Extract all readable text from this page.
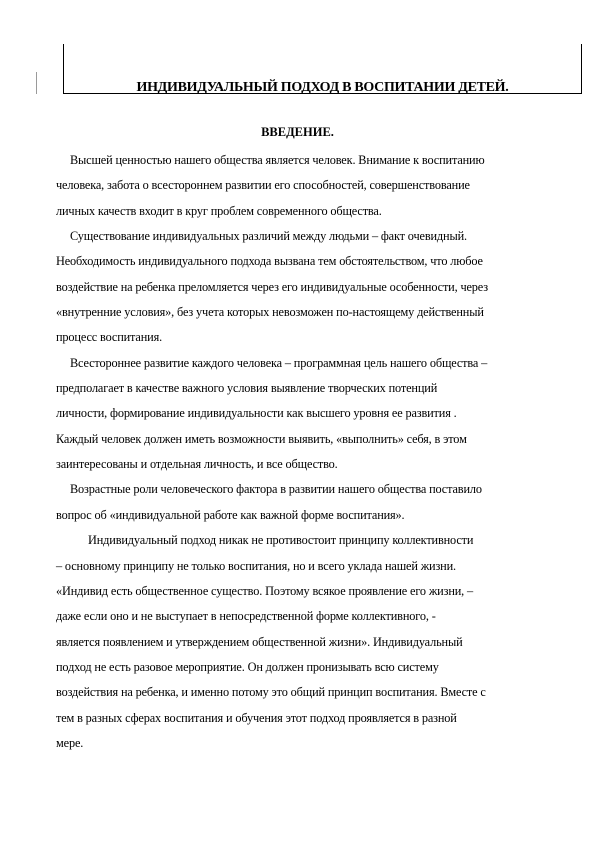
ИНДИВИДУАЛЬНЫЙ ПОДХОД В ВОСПИТАНИИ ДЕТЕЙ.
ВВЕДЕНИЕ.
Высшей ценностью нашего общества является человек. Внимание к воспитанию
человека, забота о всестороннем развитии его способностей, совершенствование
личных качеств входит в круг проблем современного общества.
Существование индивидуальных различий между людьми – факт очевидный.
Необходимость индивидуального подхода вызвана тем обстоятельством, что любое
воздействие на ребенка преломляется через его индивидуальные особенности, через
«внутренние условия», без учета которых невозможен по-настоящему действенный
процесс воспитания.
Всестороннее развитие каждого человека – программная цель нашего общества –
предполагает в качестве важного условия выявление творческих потенций
личности, формирование индивидуальности как высшего уровня ее развития .
Каждый человек должен иметь возможности выявить, «выполнить» себя, в этом
заинтересованы и отдельная личность, и все общество.
Возрастные роли человеческого фактора в развитии нашего общества поставило
вопрос об «индивидуальной работе как важной форме воспитания».
Индивидуальный подход никак не противостоит принципу коллективности
– основному принципу не только воспитания, но и всего уклада нашей жизни.
«Индивид есть общественное существо. Поэтому всякое проявление его жизни, –
даже если оно и не выступает в непосредственной форме коллективного, -
является появлением и утверждением общественной жизни». Индивидуальный
подход не есть разовое мероприятие. Он должен пронизывать всю систему
воздействия на ребенка, и именно потому это общий принцип воспитания. Вместе с
тем в разных сферах воспитания и обучения этот подход проявляется в разной
мере.
